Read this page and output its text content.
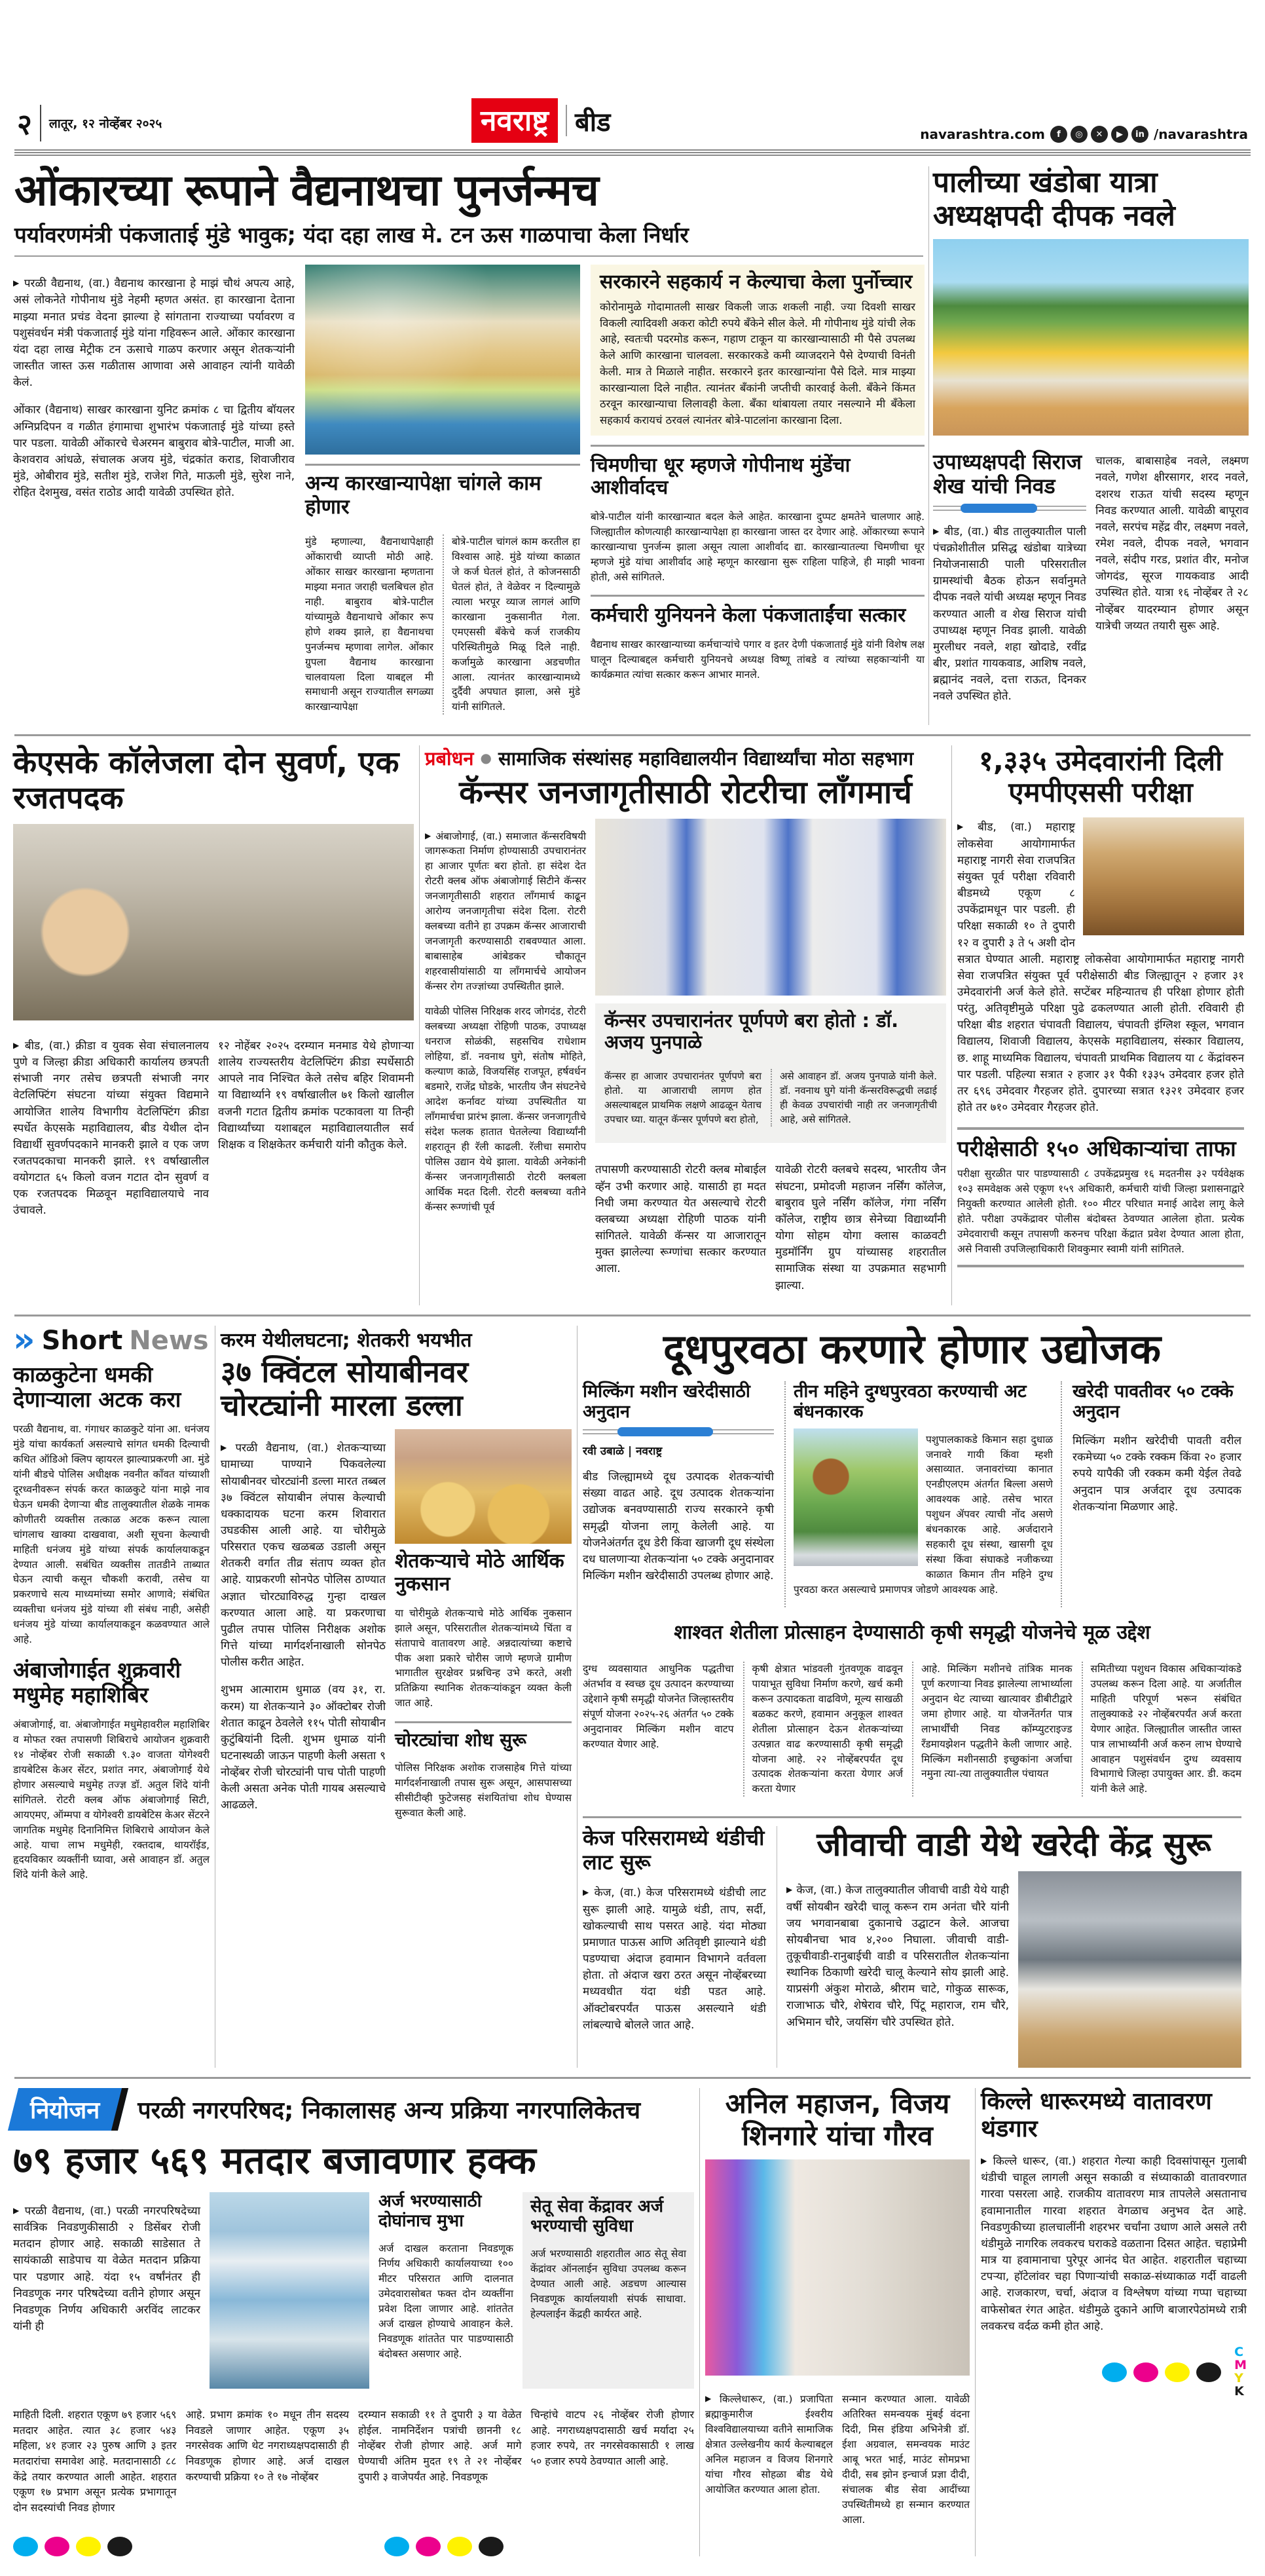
२ लातूर, १२ नोव्हेंबर २०२५	नवराष्ट्र	बीड	navarashtra.com	f	◎	✕	▶	in /navarashtra
ओंकारच्या रूपाने वैद्यनाथचा पुनर्जन्मच
पर्यावरणमंत्री पंकजाताई मुंडे भावुक; यंदा दहा लाख मे. टन ऊस गाळपाचा केला निर्धार

▶ परळी वैद्यनाथ, (वा.) वैद्यनाथ कारखाना हे माझं चौथं अपत्य आहे, असं लोकनेते गोपीनाथ मुंडे नेहमी म्हणत असंत. हा कारखाना देताना माझ्या मनात प्रचंड वेदना झाल्या हे सांगताना राज्याच्या पर्यावरण व पशुसंवर्धन मंत्री पंकजाताई मुंडे यांना गहिवरून आले. ओंकार कारखाना यंदा दहा लाख मेट्रीक टन ऊसाचे गाळप करणार असून शेतकऱ्यांनी जास्तीत जास्त ऊस गळीतास आणावा असे आवाहन त्यांनी यावेळी केलं.

ओंकार (वैद्यनाथ) साखर कारखाना युनिट क्रमांक ८ चा द्वितीय बॉयलर अग्निप्रदिपन व गळीत हंगामाचा शुभारंभ पंकजाताई मुंडे यांच्या हस्ते पार पडला. यावेळी ओंकारचे चेअरमन बाबुराव बोत्रे-पाटील, माजी आ. केशवराव आंधळे, संचालक अजय मुंडे, चंद्रकांत कराड, शिवाजीराव मुंडे, ओबीराव मुंडे, सतीश मुंडे, राजेश गिते, माऊली मुंडे, सुरेश नाने, रोहित देशमुख, वसंत राठोड आदी यावेळी उपस्थित होते.	अन्य कारखान्यापेक्षा चांगले काम होणार

मुंडे म्हणाल्या, वैद्यनाथापेक्षाही ओंकाराची व्याप्ती मोठी आहे. ओंकार साखर कारखाना म्हणताना माझ्या मनात जराही चलबिचल होत नाही. बाबुराव बोत्रे-पाटील यांच्यामुळे वैद्यनाथाचे ओंकार रूप होणे शक्य झाले, हा वैद्यनाथचा पुनर्जन्मच म्हणावा लागेल. ओंकार ग्रुपला वैद्यनाथ कारखाना चालवायला दिला याबद्दल मी समाधानी असून राज्यातील सगळ्या कारखान्यापेक्षा

बोत्रे-पाटील चांगलं काम करतील हा विश्वास आहे. मुंडे यांच्या काळात जे कर्ज घेतलं होतं, ते कोजनसाठी घेतलं होतं, ते वेळेवर न दिल्यामुळे त्याला भरपूर व्याज लागलं आणि कारखाना नुकसानीत गेला. एमएससी बँकेचे कर्ज राजकीय परिस्थितीमुळे मिळू दिले नाही. कर्जामुळे कारखाना अडचणीत आला. त्यानंतर कारखान्यामध्ये दुर्दैवी अपघात झाला, असे मुंडे यांनी सांगितले.

सरकारने सहकार्य न केल्याचा केला पुर्नोच्चार

कोरोनामुळे गोदामातली साखर विकली जाऊ शकली नाही. ज्या दिवशी साखर विकली त्यादिवशी अकरा कोटी रुपये बँकेने सील केले. मी गोपीनाथ मुंडे यांची लेक आहे, स्वतःची पदरमोड करून, गहाण टाकून या कारखान्यासाठी मी पैसे उपलब्ध केले आणि कारखाना चालवला. सरकारकडे कमी व्याजदराने पैसे देण्याची विनंती केली. मात्र ते मिळाले नाहीत. सरकारने इतर कारखान्यांना पैसे दिले. मात्र माझ्या कारखान्याला दिले नाहीत. त्यानंतर बँकांनी जप्तीची कारवाई केली. बँकेने किंमत ठरवून कारखान्याचा लिलावही केला. बँका थांबायला तयार नसल्याने मी बँकेला सहकार्य करायचं ठरवलं त्यानंतर बोत्रे-पाटलांना कारखाना दिला.

चिमणीचा धूर म्हणजे गोपीनाथ मुंडेंचा आशीर्वादच

बोत्रे-पाटील यांनी कारखान्यात बदल केले आहेत. कारखाना दुप्पट क्षमतेने चालणार आहे. जिल्ह्यातील कोणत्याही कारखान्यापेक्षा हा कारखाना जास्त दर देणार आहे. ओंकारच्या रूपाने कारखान्याचा पुनर्जन्म झाला असून त्याला आशीर्वाद द्या. कारखान्यातल्या चिमणीचा धूर म्हणजे मुंडे यांचा आशीर्वाद आहे म्हणून कारखाना सुरू राहिला पाहिजे, ही माझी भावना होती, असे सांगितले.

कर्मचारी युनियनने केला पंकजाताईंचा सत्कार

वैद्यनाथ साखर कारखान्याच्या कर्मचाऱ्यांचे पगार व इतर देणी पंकजाताई मुंडे यांनी विशेष लक्ष घालून दिल्याबद्दल कर्मचारी युनियनचे अध्यक्ष विष्णू तांबडे व त्यांच्या सहकाऱ्यांनी या कार्यक्रमात त्यांचा सत्कार करून आभार मानले.

पालीच्या खंडोबा यात्रा अध्यक्षपदी दीपक नवले
उपाध्यक्षपदी सिराज शेख यांची निवड

▶ बीड, (वा.) बीड तालुक्यातील पाली पंचक्रोशीतील प्रसिद्ध खंडोबा यात्रेच्या नियोजनासाठी पाली परिसरातील ग्रामस्थांची बैठक होऊन सर्वानुमते दीपक नवले यांची अध्यक्ष म्हणून निवड करण्यात आली व शेख सिराज यांची उपाध्यक्ष म्हणून निवड झाली. यावेळी मुरलीधर नवले, शहा खोदाडे, रवींद्र बीर, प्रशांत गायकवाड, आशिष नवले, ब्रह्मानंद नवले, दत्ता राऊत, दिनकर नवले उपस्थित होते.

चालक, बाबासाहेब नवले, लक्ष्मण नवले, गणेश क्षीरसागर, शरद नवले, दशरथ राऊत यांची सदस्य म्हणून निवड करण्यात आली. यावेळी बापूराव नवले, सरपंच महेंद्र वीर, लक्ष्मण नवले, रमेश नवले, दीपक नवले, भगवान नवले, संदीप गरड, प्रशांत वीर, मनोज जोगदंड, सूरज गायकवाड आदी उपस्थित होते. यात्रा १६ नोव्हेंबर ते २८ नोव्हेंबर यादरम्यान होणार असून यात्रेची जय्यत तयारी सुरू आहे.

केएसके कॉलेजला दोन सुवर्ण, एक रजतपदक

▶ बीड, (वा.) क्रीडा व युवक सेवा संचालनालय पुणे व जिल्हा क्रीडा अधिकारी कार्यालय छत्रपती संभाजी नगर तसेच छत्रपती संभाजी नगर वेटलिफ्टिंग संघटना यांच्या संयुक्त विद्यमाने आयोजित शालेय विभागीय वेटलिफ्टिंग क्रीडा स्पर्धेत केएसके महाविद्यालय, बीड येथील दोन विद्यार्थी सुवर्णपदकाने मानकरी झाले व एक जण रजतपदकाचा मानकरी झाले. १९ वर्षाखालील वयोगटात ६५ किलो वजन गटात दोन सुवर्ण व एक रजतपदक मिळवून महाविद्यालयाचे नाव उंचावले.

१२ नोहेंबर २०२५ दरम्यान मनमाड येथे होणाऱ्या शालेय राज्यस्तरीय वेटलिफ्टिंग क्रीडा स्पर्धेसाठी आपले नाव निश्चित केले तसेच बहिर शिवामनी या विद्यार्थ्याने १९ वर्षाखालील ७१ किलो खालील वजनी गटात द्वितीय क्रमांक पटकावला या तिन्ही विद्यार्थ्यांच्या यशाबद्दल महाविद्यालयातील सर्व शिक्षक व शिक्षकेतर कर्मचारी यांनी कौतुक केले.

प्रबोधन ● सामाजिक संस्थांसह महाविद्यालयीन विद्यार्थ्यांचा मोठा सहभाग
कॅन्सर जनजागृतीसाठी रोटरीचा लाँगमार्च

▶ अंबाजोगाई, (वा.) समाजात कॅन्सरविषयी जागरूकता निर्माण होण्यासाठी उपचारानंतर हा आजार पूर्णतः बरा होतो. हा संदेश देत रोटरी क्लब ऑफ अंबाजोगाई सिटीने कॅन्सर जनजागृतीसाठी शहरात लाँगमार्च काढून आरोग्य जनजागृतीचा संदेश दिला. रोटरी क्लबच्या वतीने हा उपक्रम कॅन्सर आजाराची जनजागृती करण्यासाठी राबवण्यात आला. बाबासाहेब आंबेडकर चौकातून शहरवासीयांसाठी या लाँगमार्चचे आयोजन कॅन्सर रोग तज्ज्ञांच्या उपस्थितीत झाले.

यावेळी पोलिस निरिक्षक शरद जोगदंड, रोटरी क्लबच्या अध्यक्षा रोहिणी पाठक, उपाध्यक्ष धनराज सोळंकी, सहसचिव राधेशाम लोहिया, डॉ. नवनाथ घुगे, संतोष मोहिते, कल्याण काळे, विजयसिंह राजपूत, हर्षवर्धन बडमारे, राजेंद्र घोडके, भारतीय जैन संघटनेचे आदेश कर्नावट यांच्या उपस्थितीत या लाँगमार्चचा प्रारंभ झाला. कॅन्सर जनजागृतीचे संदेश फलक हातात घेतलेल्या विद्यार्थ्यांनी शहरातून ही रॅली काढली. रॅलीचा समारोप पोलिस उद्यान येथे झाला. यावेळी अनेकांनी कॅन्सर जनजागृतीसाठी रोटरी क्लबला आर्थिक मदत दिली. रोटरी क्लबच्या वतीने कॅन्सर रूग्णांची पूर्व

कॅन्सर उपचारानंतर पूर्णपणे बरा होतो : डॉ. अजय पुनपाळे

कॅन्सर हा आजार उपचारानंतर पूर्णपणे बरा होतो. या आजाराची लागण होत असल्याबद्दल प्राथमिक लक्षणे आढळून येताच उपचार घ्या. यातून कॅन्सर पूर्णपणे बरा होतो,

असे आवाहन डॉ. अजय पुनपाळे यांनी केले. डॉ. नवनाथ घुगे यांनी कॅन्सरविरूद्धची लढाई ही केवळ उपचारांची नाही तर जनजागृतीची आहे, असे सांगितले.

तपासणी करण्यासाठी रोटरी क्लब मोबाईल व्हॅन उभी करणार आहे. यासाठी हा मदत निधी जमा करण्यात येत असल्याचे रोटरी क्लबच्या अध्यक्षा रोहिणी पाठक यांनी सांगितले. यावेळी कॅन्सर या आजारातून मुक्त झालेल्या रूग्णांचा सत्कार करण्यात आला.

यावेळी रोटरी क्लबचे सदस्य, भारतीय जैन संघटना, प्रमोदजी महाजन नर्सिंग कॉलेज, बाबुराव घुले नर्सिंग कॉलेज, गंगा नर्सिंग कॉलेज, राष्ट्रीय छात्र सेनेच्या विद्यार्थ्यांनी योगा सोहम योगा क्लास काळवटी मुडमॉर्निंग ग्रुप यांच्यासह शहरातील सामाजिक संस्था या उपक्रमात सहभागी झाल्या.

१,३३५ उमेदवारांनी दिली एमपीएससी परीक्षा

▶ बीड, (वा.) महाराष्ट्र लोकसेवा आयोगामार्फत महाराष्ट्र नागरी सेवा राजपत्रित संयुक्त पूर्व परीक्षा रविवारी बीडमध्ये एकूण ८ उपकेंद्रामधून पार पडली. ही परिक्षा सकाळी १० ते दुपारी १२ व दुपारी ३ ते ५ अशी दोन सत्रात घेण्यात आली. महाराष्ट्र लोकसेवा आयोगामार्फत महाराष्ट्र नागरी सेवा राजपत्रित संयुक्त पूर्व परीक्षेसाठी बीड जिल्ह्यातून २ हजार ३१ उमेदवारांनी अर्ज केले होते. सप्टेंबर महिन्यातच ही परिक्षा होणार होती परंतु, अतिवृष्टीमुळे परिक्षा पुढे ढकलण्यात आली होती. रविवारी ही परिक्षा बीड शहरात चंपावती विद्यालय, चंपावती इंग्लिश स्कूल, भगवान विद्यालय, शिवाजी विद्यालय, केएसके महाविद्यालय, संस्कार विद्यालय, छ. शाहू माध्यमिक विद्यालय, चंपावती प्राथमिक विद्यालय या ८ केंद्रांवरुन पार पडली. पहिल्या सत्रात २ हजार ३१ पैकी १३३५ उमेदवार हजर होते तर ६९६ उमेदवार गैरहजर होते. दुपारच्या सत्रात १३२१ उमेदवार हजर होते तर ७१० उमेदवार गैरहजर होते.

परीक्षेसाठी १५० अधिकाऱ्यांचा ताफा

परीक्षा सुरळीत पार पाडण्यासाठी ८ उपकेंद्रप्रमुख १६ मदतनीस ३२ पर्यवेक्षक १०३ समवेक्षक असे एकूण १५९ अधिकारी, कर्मचारी यांची जिल्हा प्रशासनाद्वारे नियुक्ती करण्यात आलेली होती. १०० मीटर परिधात मनाई आदेश लागू केले होते. परीक्षा उपकेंद्रावर पोलीस बंदोबस्त ठेवण्यात आलेला होता. प्रत्येक उमेदवाराची कसून तपासणी करुनच परिक्षा केंद्रात प्रवेश देण्यात आला होता, असे निवासी उपजिल्हाधिकारी शिवकुमार स्वामी यांनी सांगितले.

» Short News
काळकुटेना धमकी देणाऱ्याला अटक करा

परळी वैद्यनाथ, वा. गंगाधर काळकुटे यांना आ. धनंजय मुंडे यांचा कार्यकर्ता असल्याचे सांगत धमकी दिल्याची कथित ऑडिओ क्लिप व्हायरल झाल्याप्रकरणी आ. मुंडे यांनी बीडचे पोलिस अधीक्षक नवनीत कॉंवत यांच्याशी दूरध्वनीवरून संपर्क करत काळकुटे यांना माझे नाव घेऊन धमकी देणाऱ्या बीड तालुक्यातील शेळके नामक कोणीतरी व्यक्तीस तत्काळ अटक करून त्याला चांगलाच खाक्या दाखवावा, अशी सूचना केल्याची माहिती धनंजय मुंडे यांच्या संपर्क कार्यालयाकडून देण्यात आली. सबंधित व्यक्तीस तातडीने ताब्यात घेऊन त्याची कसून चौकशी करावी, तसेच या प्रकरणाचे सत्य माध्यमांच्या समोर आणावे; संबंधित व्यक्तीचा धनंजय मुंडे यांच्या शी संबंध नाही, असेही धनंजय मुंडे यांच्या कार्यालयाकडून कळवण्यात आले आहे.

अंबाजोगाईत शुक्रवारी मधुमेह महाशिबिर

अंबाजोगाई, वा. अंबाजोगाईत मधुमेहावरील महाशिबिर व मोफत रक्त तपासणी शिबिराचे आयोजन शुक्रवारी १४ नोव्हेंबर रोजी सकाळी ९.३० वाजता योगेश्वरी डायबेटिस केअर सेंटर, प्रशांत नगर, अंबाजोगाई येथे होणार असल्याचे मधुमेह तज्ज्ञ डॉ. अतुल शिंदे यांनी सांगितले. रोटरी क्लब ऑफ अंबाजोगाई सिटी, आयएमए, ऑम्मपा व योगेश्वरी डायबेटिस केअर सेंटरने जागतिक मधुमेह दिनानिमित्त शिबिराचे आयोजन केले आहे. याचा लाभ मधुमेही, रक्तदाब, थायरॉईड, हृदयविकार व्यक्तींनी घ्यावा, असे आवाहन डॉ. अतुल शिंदे यांनी केले आहे.

करम येथीलघटना; शेतकरी भयभीत
३७ क्विंटल सोयाबीनवर चोरट्यांनी मारला डल्ला

▶ परळी वैद्यनाथ, (वा.) शेतकऱ्याच्या घामाच्या पाण्याने पिकवलेल्या सोयाबीनवर चोरट्यांनी डल्ला मारत तब्बल ३७ क्विंटल सोयाबीन लंपास केल्याची धक्कादायक घटना करम शिवारात उघडकीस आली आहे. या चोरीमुळे परिसरात एकच खळबळ उडाली असून शेतकरी वर्गात तीव्र संताप व्यक्त होत आहे. याप्रकरणी सोनपेठ पोलिस ठाण्यात अज्ञात चोरट्याविरुद्ध गुन्हा दाखल करण्यात आला आहे. या प्रकरणाचा पुढील तपास पोलिस निरीक्षक अशोक गित्ते यांच्या मार्गदर्शनाखाली सोनपेठ पोलीस करीत आहेत.

शुभम आत्माराम धुमाळ (वय ३१, रा. करम) या शेतकऱ्याने ३० ऑक्टोबर रोजी शेतात काढून ठेवलेले ११५ पोती सोयाबीन कुटुंबियांनी दिली. शुभम धुमाळ यांनी घटनास्थळी जाऊन पाहणी केली असता ९ नोव्हेंबर रोजी चोरट्यांनी पाच पोती पाहणी केली असता अनेक पोती गायब असल्याचे आढळले.

शेतकऱ्याचे मोठे आर्थिक नुकसान

या चोरीमुळे शेतकऱ्याचे मोठे आर्थिक नुकसान झाले असून, परिसरातील शेतकऱ्यांमध्ये चिंता व संतापाचे वातावरण आहे. अन्नदात्यांच्या कष्टाचे पीक अशा प्रकारे चोरीस जाणे म्हणजे ग्रामीण भागातील सुरक्षेवर प्रश्नचिन्ह उभे करते, अशी प्रतिक्रिया स्थानिक शेतकऱ्यांकडून व्यक्त केली जात आहे.

चोरट्यांचा शोध सुरू

पोलिस निरिक्षक अशोक राजसाहेब गित्ते यांच्या मार्गदर्शनाखाली तपास सुरू असून, आसपासच्या सीसीटीव्ही फुटेजसह संशयितांचा शोध घेण्यास सुरूवात केली आहे.

दूधपुरवठा करणारे होणार उद्योजक
मिल्किंग मशीन खरेदीसाठी अनुदान
रवी उबाळे | नवराष्ट्र

बीड जिल्ह्यामध्ये दूध उत्पादक शेतकऱ्यांची संख्या वाढत आहे. दूध उत्पादक शेतकऱ्यांना उद्योजक बनवण्यासाठी राज्य सरकारने कृषी समृद्धी योजना लागू केलेली आहे. या योजनेअंतर्गत दूध डेरी किंवा खाजगी दूध संस्थेला दध घालणाऱ्या शेतकऱ्यांना ५० टक्के अनुदानावर मिल्किंग मशीन खरेदीसाठी उपलब्ध होणार आहे.

तीन महिने दुग्धपुरवठा करण्याची अट बंधनकारक

पशुपालकाकडे किमान सहा दुधाळ जनावरे गायी किंवा म्हशी असाव्यात. जनावरांच्या कानात एनडीएलएम अंतर्गत बिल्ला असणे आवश्यक आहे. तसेच भारत पशुधन ॲपवर त्याची नोंद असणे बंधनकारक आहे. अर्जदाराने सहकारी दूध संस्था, खासगी दूध संस्था किंवा संघाकडे नजीकच्या काळात किमान तीन महिने दुग्ध पुरवठा करत असल्याचे प्रमाणपत्र जोडणे आवश्यक आहे.

खरेदी पावतीवर ५० टक्के अनुदान

मिल्किंग मशीन खरेदीची पावती वरील रकमेच्या ५० टक्के रक्कम किंवा २० हजार रुपये यापैकी जी रक्कम कमी येईल तेवढे अनुदान पात्र अर्जदार दूध उत्पादक शेतकऱ्यांना मिळणार आहे.

शाश्वत शेतीला प्रोत्साहन देण्यासाठी कृषी समृद्धी योजनेचे मूळ उद्देश

दुग्ध व्यवसायात आधुनिक पद्धतीचा अंतर्भाव व स्वच्छ दूध उत्पादन करण्याच्या उद्देशाने कृषी समृद्धी योजनेत जिल्हास्तरीय संपूर्ण योजना २०२५-२६ अंतर्गत ५० टक्के अनुदानावर मिल्किंग मशीन वाटप करण्यात येणार आहे.

कृषी क्षेत्रात भांडवली गुंतवणूक वाढवून पायाभूत सुविधा निर्माण करणे, खर्च कमी करून उत्पादकता वाढविणे, मूल्य साखळी बळकट करणे, हवामान अनुकूल शाश्वत शेतीला प्रोत्साहन देऊन शेतकऱ्यांच्या उत्पन्नात वाढ करण्यासाठी कृषी समृद्धी योजना आहे. २२ नोव्हेंबरपर्यंत दूध उत्पादक शेतकऱ्यांना करता येणार अर्ज करता येणार

आहे. मिल्किंग मशीनचे तांत्रिक मानक पूर्ण करणाऱ्या निवड झालेल्या लाभार्थ्याला अनुदान थेट त्याच्या खात्यावर डीबीटीद्वारे जमा होणार आहे. या योजनेंतर्गत पात्र लाभार्थींची निवड कॉम्प्युटराइज्ड रँडमायझेशन पद्धतीने केली जाणार आहे. मिल्किंग मशीनसाठी इच्छुकांना अर्जाचा नमुना त्या-त्या तालुक्यातील पंचायत

समितीच्या पशुधन विकास अधिकाऱ्यांकडे उपलब्ध करून दिला आहे. या अर्जातील माहिती परिपूर्ण भरून संबंधित तालुक्याकडे २२ नोव्हेंबरपर्यंत अर्ज करता येणार आहेत. जिल्ह्यातील जास्तीत जास्त पात्र लाभार्थ्यांनी अर्ज करुन लाभ घेण्याचे आवाहन पशुसंवर्धन दुग्ध व्यवसाय विभागाचे जिल्हा उपायुक्त आर. डी. कदम यांनी केले आहे.

केज परिसरामध्ये थंडीची लाट सुरू

▶ केज, (वा.) केज परिसरामध्ये थंडीची लाट सुरू झाली आहे. यामुळे थंडी, ताप, सर्दी, खोकल्याची साथ पसरत आहे. यंदा मोठ्या प्रमाणात पाऊस आणि अतिवृष्टी झाल्याने थंडी पडण्याचा अंदाज हवामान विभागने वर्तवला होता. तो अंदाज खरा ठरत असून नोव्हेंबरच्या मध्यवधीत यंदा थंडी पडत आहे. ऑक्टोबरपर्यंत पाऊस असल्याने थंडी लांबल्याचे बोलले जात आहे.

जीवाची वाडी येथे खरेदी केंद्र सुरू

▶ केज, (वा.) केज तालुक्यातील जीवाची वाडी येथे याही वर्षी सोयबीन खरेदी चालू करून राम अनंता चौरे यांनी जय भगवानबाबा दुकानाचे उद्घाटन केले. आजचा सोयबीनचा भाव ४,२०० निघाला. जीवाची वाडी-तुकूचीवाडी-रानुबाईची वाडी व परिसरातील शेतकऱ्यांना स्थानिक ठिकाणी खरेदी चालू केल्याने सोय झाली आहे. याप्रसंगी अंकुश मोराळे, श्रीराम चाटे, गोकुळ सारूक, राजाभाऊ चौरे, शेषेराव चौरे, पिंटू महाराज, राम चौरे, अभिमान चौरे, जयसिंग चौरे उपस्थित होते.

नियोजन	परळी नगरपरिषद; निकालासह अन्य प्रक्रिया नगरपालिकेतच
७९ हजार ५६९ मतदार बजावणार हक्क

▶ परळी वैद्यनाथ, (वा.) परळी नगरपरिषदेच्या सार्वत्रिक निवडणुकीसाठी २ डिसेंबर रोजी मतदान होणार आहे. सकाळी साडेसात ते सायंकाळी साडेपाच या वेळेत मतदान प्रक्रिया पार पडणार आहे. यंदा १५ वर्षांनंतर ही निवडणूक नगर परिषदेच्या वतीने होणार असून निवडणूक निर्णय अधिकारी अरविंद लाटकर यांनी ही

अर्ज भरण्यासाठी दोघांनाच मुभा

अर्ज दाखल करताना निवडणूक निर्णय अधिकारी कार्यालयाच्या १०० मीटर परिसरात आणि दालनात उमेदवारासोबत फक्त दोन व्यक्तींना प्रवेश दिला जाणार आहे. शांततेत अर्ज दाखल होण्याचे आवाहन केले. निवडणूक शांततेत पार पाडण्यासाठी बंदोबस्त असणार आहे.

सेतू सेवा केंद्रावर अर्ज भरण्याची सुविधा

अर्ज भरण्यासाठी शहरातील आठ सेतू सेवा केंद्रांवर ऑनलाईन सुविधा उपलब्ध करून देण्यात आली आहे. अडचण आल्यास निवडणूक कार्यालयाशी संपर्क साधावा. हेल्पलाईन केंद्रही कार्यरत आहे.

माहिती दिली. शहरात एकूण ७९ हजार ५६९ मतदार आहेत. त्यात ३८ हजार ५४३ महिला, ४१ हजार २३ पुरुष आणि ३ इतर मतदारांचा समावेश आहे. मतदानासाठी ८८ केंद्रे तयार करण्यात आली आहेत. शहरात एकूण १७ प्रभाग असून प्रत्येक प्रभागातून दोन सदस्यांची निवड होणार

आहे. प्रभाग क्रमांक १० मधून तीन सदस्य निवडले जाणार आहेत. एकूण ३५ नगरसेवक आणि थेट नगराध्यक्षपदासाठी ही निवडणूक होणार आहे. अर्ज दाखल करण्याची प्रक्रिया १० ते १७ नोव्हेंबर

दरम्यान सकाळी ११ ते दुपारी ३ या वेळेत होईल. नामनिर्देशन पत्रांची छाननी १८ नोव्हेंबर रोजी होणार आहे. अर्ज मागे घेण्याची अंतिम मुदत १९ ते २१ नोव्हेंबर दुपारी ३ वाजेपर्यंत आहे. निवडणूक

चिन्हांचे वाटप २६ नोव्हेंबर रोजी होणार आहे. नगराध्यक्षपदासाठी खर्च मर्यादा २५ हजार रुपये, तर नगरसेवकासाठी १ लाख ५० हजार रुपये ठेवण्यात आली आहे.

अनिल महाजन, विजय शिनगारे यांचा गौरव

▶ किल्लेधारूर, (वा.) प्रजापिता ब्रह्माकुमारीज ईश्वरीय विश्वविद्यालयाच्या वतीने सामाजिक क्षेत्रात उल्लेखनीय कार्य केल्याबद्दल अनिल महाजन व विजय शिनगारे यांचा गौरव सोहळा बीड येथे आयोजित करण्यात आला होता.

सन्मान करण्यात आला. यावेळी अतिरिक्त समन्वयक मुंबई वंदना दिदी, मिस इंडिया अभिनेत्री डॉ. ईशा अग्रवाल, समन्वयक माउंट आबू भरत भाई, माउंट सोमप्रभा दीदी, सब झोन इन्चार्ज प्रज्ञा दीदी, संचालक बीड सेवा आदींच्या उपस्थितीमध्ये हा सन्मान करण्यात आला.

किल्ले धारूरमध्ये वातावरण थंडगार

▶ किल्ले धारूर, (वा.) शहरात गेल्या काही दिवसांपासून गुलाबी थंडीची चाहूल लागली असून सकाळी व संध्याकाळी वातावरणात गारवा पसरला आहे. राजकीय वातावरण मात्र तापलेले असतानाच हवामानातील गारवा शहरात वेगळाच अनुभव देत आहे. निवडणुकीच्या हालचालींनी शहरभर चर्चांना उधाण आले असले तरी थंडीमुळे नागरिक लवकरच घराकडे वळताना दिसत आहेत. चहाप्रेमी मात्र या हवामानाचा पुरेपूर आनंद घेत आहेत. शहरातील चहाच्या टपऱ्या, हॉटेलांवर चहा पिणाऱ्यांची सकाळ-संध्याकाळ गर्दी वाढली आहे. राजकारण, चर्चा, अंदाज व विश्लेषण यांच्या गप्पा चहाच्या वाफेसोबत रंगत आहेत. थंडीमुळे दुकाने आणि बाजारपेठांमध्ये रात्री लवकरच वर्दळ कमी होत आहे.

C
M
Y
K
